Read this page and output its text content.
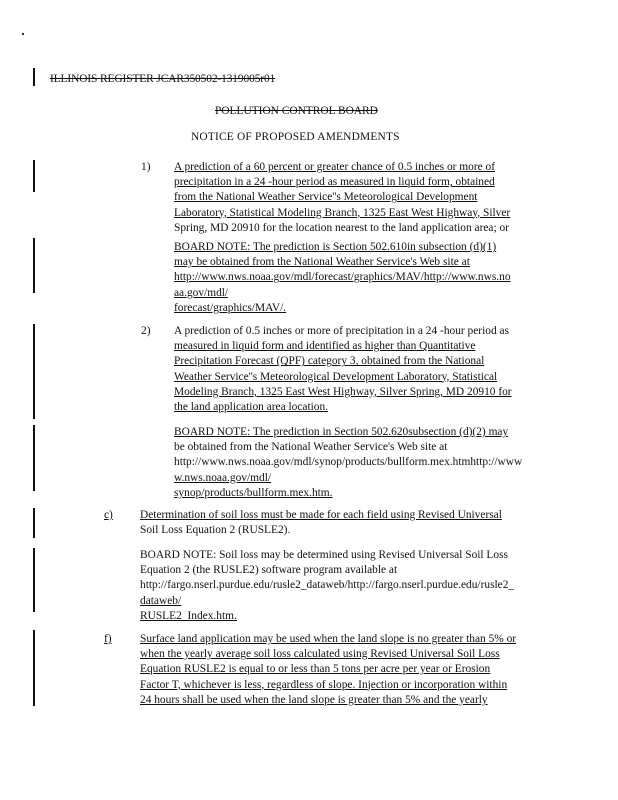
ILLINOIS REGISTER JCAR350502-1319005r01
POLLUTION CONTROL BOARD
NOTICE OF PROPOSED AMENDMENTS
1) A prediction of a 60 percent or greater chance of 0.5 inches or more of
precipitation in a 24 -hour period as measured in liquid form, obtained
from the National Weather Service''s Meteorological Development
Laboratory, Statistical Modeling Branch, 1325 East West Highway, Silver
Spring, MD 20910 for the location nearest to the land application area; or
BOARD NOTE: The prediction is Section 502.610in subsection (d)(1)
may be obtained from the National Weather Service's Web site at
http://www.nws.noaa.gov/mdl/forecast/graphics/MAV/http://www.nws.no
aa.gov/mdl/
forecast/graphics/MAV/.
2) A prediction of 0.5 inches or more of precipitation in a 24 -hour period as
measured in liquid form and identified as higher than Quantitative
Precipitation Forecast (QPF) category 3, obtained from the National
Weather Service''s Meteorological Development Laboratory, Statistical
Modeling Branch, 1325 East West Highway, Silver Spring, MD 20910 for
the land application area location.
BOARD NOTE: The prediction in Section 502.620subsection (d)(2) may
be obtained from the National Weather Service's Web site at
http://www.nws.noaa.gov/mdl/synop/products/bullform.mex.htmhttp://www
w.nws.noaa.gov/mdl/
synop/products/bullform.mex.htm.
c) Determination of soil loss must be made for each field using Revised Universal
Soil Loss Equation 2 (RUSLE2).
BOARD NOTE: Soil loss may be determined using Revised Universal Soil Loss
Equation 2 (the RUSLE2) software program available at
http://fargo.nserl.purdue.edu/rusle2_dataweb/http://fargo.nserl.purdue.edu/rusle2_
dataweb/
RUSLE2_Index.htm.
f) Surface land application may be used when the land slope is no greater than 5% or
when the yearly average soil loss calculated using Revised Universal Soil Loss
Equation RUSLE2 is equal to or less than 5 tons per acre per year or Erosion
Factor T, whichever is less, regardless of slope. Injection or incorporation within
24 hours shall be used when the land slope is greater than 5% and the yearly
